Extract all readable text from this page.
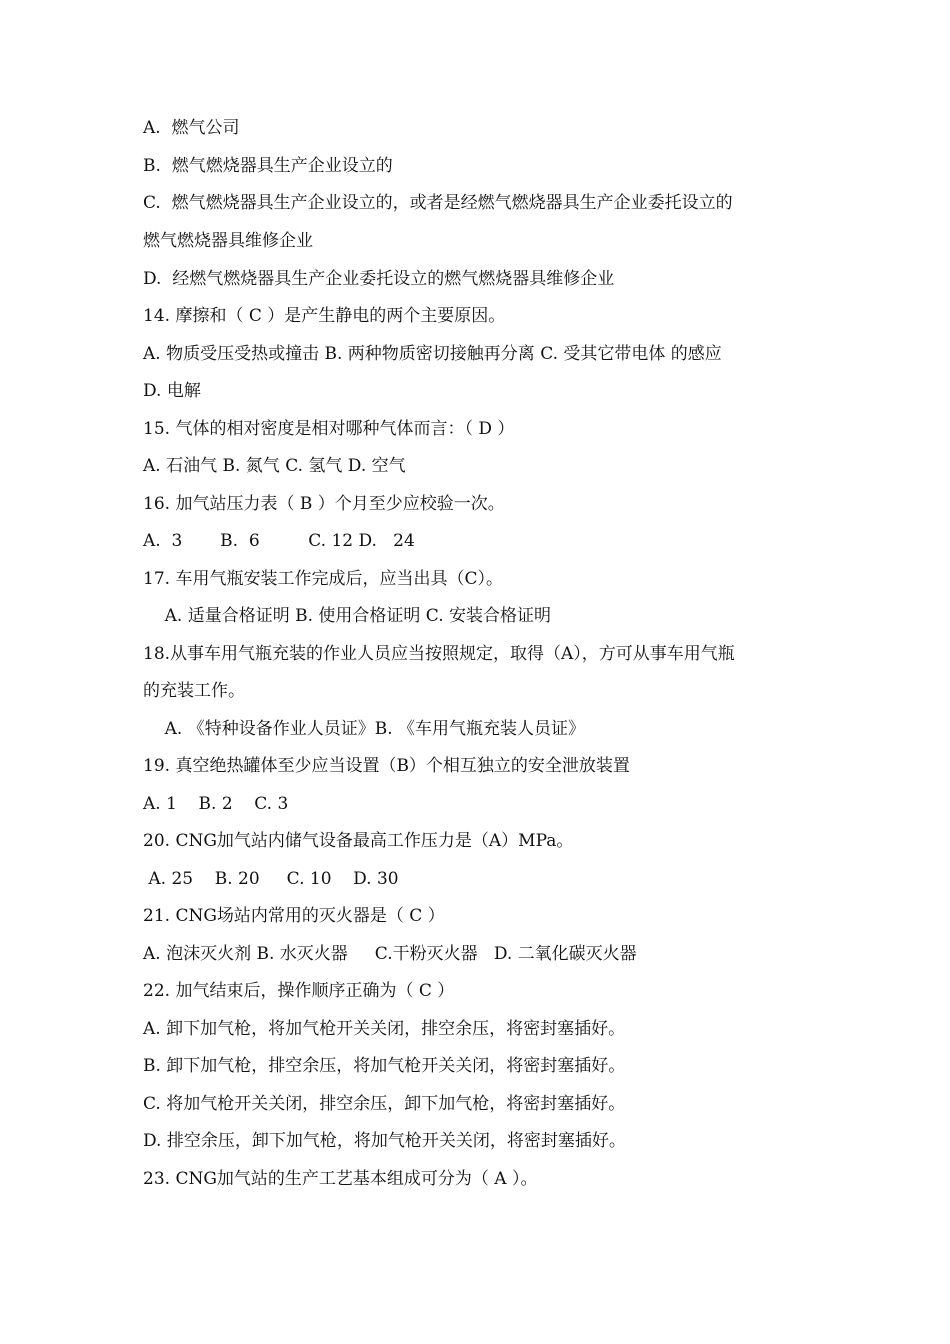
A.  燃气公司

B.  燃气燃烧器具生产企业设立的

C.  燃气燃烧器具生产企业设立的，或者是经燃气燃烧器具生产企业委托设立的

燃气燃烧器具维修企业

D.  经燃气燃烧器具生产企业委托设立的燃气燃烧器具维修企业

14. 摩擦和（ C ）是产生静电的两个主要原因。

A. 物质受压受热或撞击 B. 两种物质密切接触再分离 C. 受其它带电体 的感应

D. 电解

15. 气体的相对密度是相对哪种气体而言：（ D ）

A. 石油气 B. 氮气 C. 氢气 D. 空气

16. 加气站压力表（ B ）个月至少应校验一次。

A.  3       B.  6         C. 12 D.   24

17. 车用气瓶安装工作完成后，应当出具（C）。

A. 适量合格证明 B. 使用合格证明 C. 安装合格证明

18.从事车用气瓶充装的作业人员应当按照规定，取得（A），方可从事车用气瓶

的充装工作。

A. 《特种设备作业人员证》B. 《车用气瓶充装人员证》

19. 真空绝热罐体至少应当设置（B）个相互独立的安全泄放装置

A. 1    B. 2    C. 3

20. CNG加气站内储气设备最高工作压力是（A）MPa。

A. 25    B. 20     C. 10    D. 30

21. CNG场站内常用的灭火器是（ C ）

A. 泡沫灭火剂 B. 水灭火器     C.干粉灭火器   D. 二氧化碳灭火器

22. 加气结束后，操作顺序正确为（ C ）

A. 卸下加气枪，将加气枪开关关闭，排空余压，将密封塞插好。

B. 卸下加气枪，排空余压，将加气枪开关关闭，将密封塞插好。

C. 将加气枪开关关闭，排空余压，卸下加气枪，将密封塞插好。

D. 排空余压，卸下加气枪，将加气枪开关关闭，将密封塞插好。

23. CNG加气站的生产工艺基本组成可分为（ A ）。
